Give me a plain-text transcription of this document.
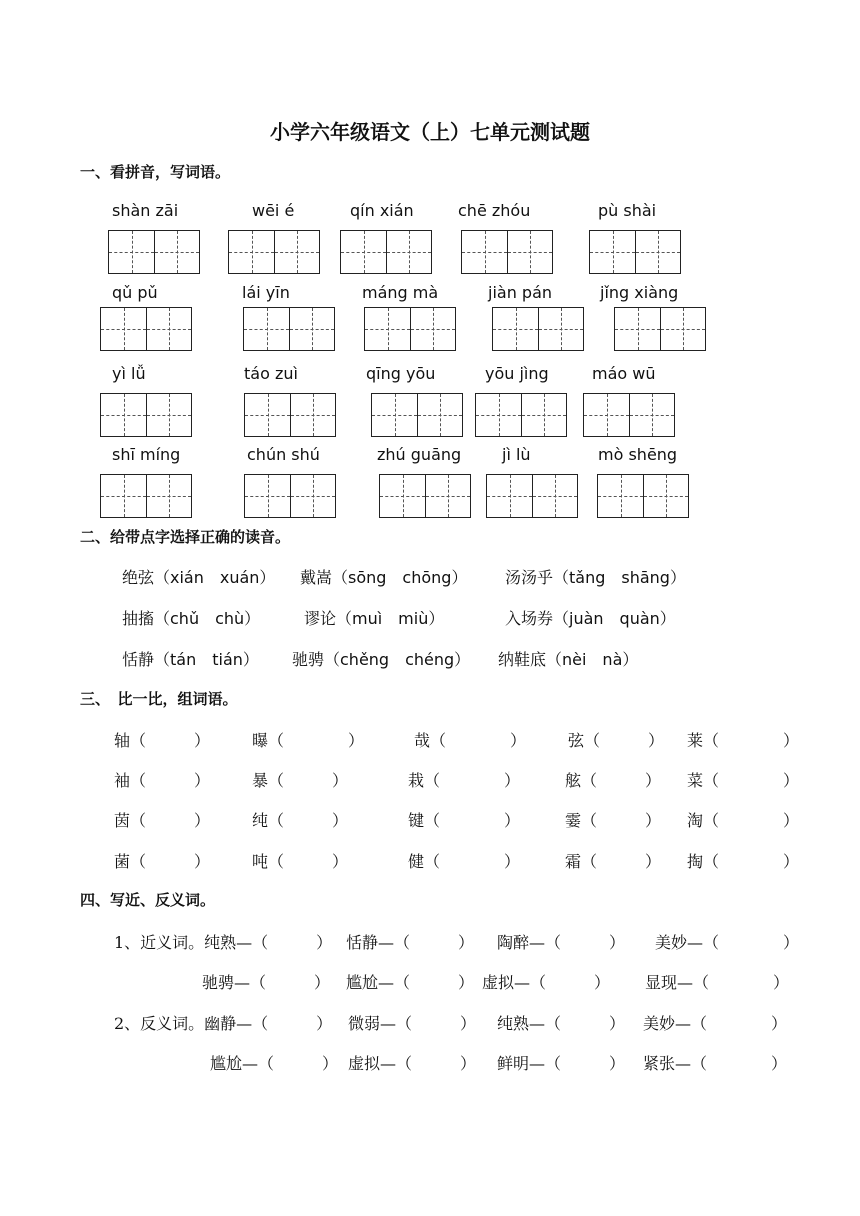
小学六年级语文（上）七单元测试题
一、看拼音，写词语。
shàn zāi	wēi é	qín xián	chē zhóu	pù shài
qǔ pǔ	lái yīn	máng mà	jiàn pán	jǐng xiàng
yì lǚ	táo zuì	qīng yōu	yōu jìng	máo wū
shī míng	chún shú	zhú guāng	jì lù	mò shēng
二、给带点字选择正确的读音。
绝弦（xián　xuán） 戴嵩（sōng　chōng） 汤汤乎（tǎng　shāng）
抽搐（chǔ　chù）	谬论（muì　miù）	入场券（juàn　quàn）
恬静（tán　tián） 驰骋（chěng　chéng） 纳鞋底（nèi　nà）
三、　比一比，组词语。
轴（　　　）	曝（　　　　）	哉（　　　　）	弦（　　　） 莱（　　　　）
袖（　　　）	暴（　　　）	栽（　　　　）	舷（　　　） 菜（　　　　）
茵（　　　）	纯（　　　）	键（　　　　）	霎（　　　） 淘（　　　　）
菌（　　　）	吨（　　　）	健（　　　　）	霜（　　　） 掏（　　　　）
四、写近、反义词。
1、近义词。纯熟—（　　　） 恬静—（　　　） 陶醉—（　　　） 美妙—（　　　　）
驰骋—（　　　） 尴尬—（　　　） 虚拟—（　　　） 显现—（　　　　）
2、反义词。幽静—（　　　） 微弱—（　　　） 纯熟—（　　　） 美妙—（　　　　）
尴尬—（　　　） 虚拟—（　　　） 鲜明—（　　　） 紧张—（　　　　）
